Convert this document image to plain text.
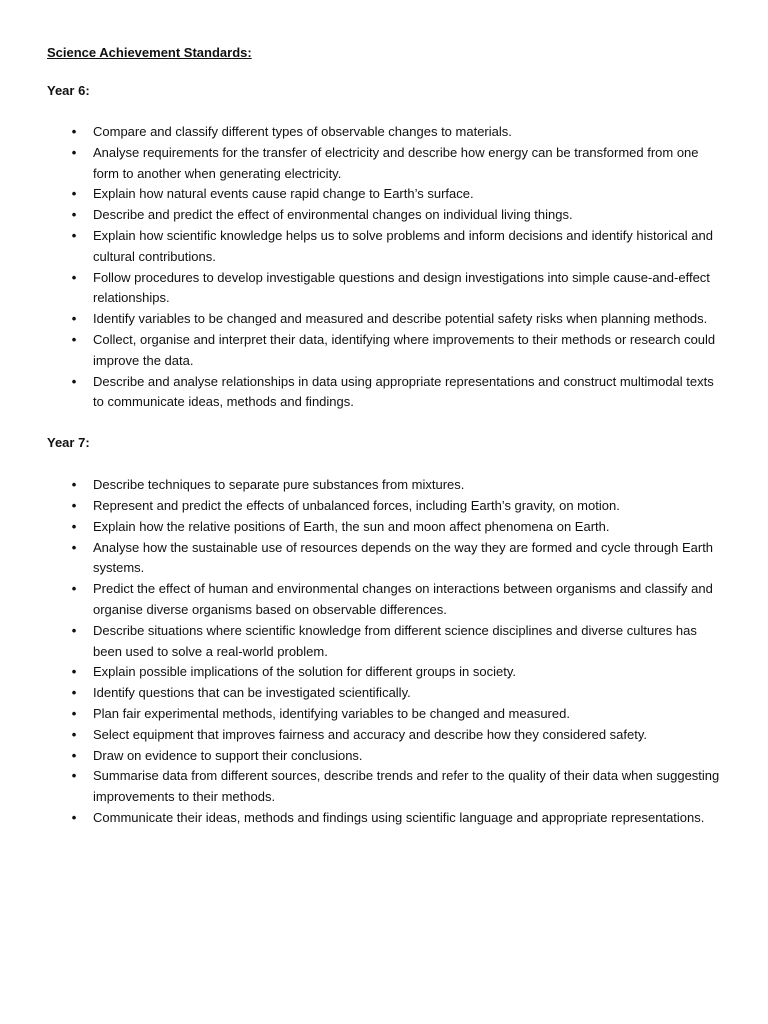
Science Achievement Standards:

Year 6:

• Compare and classify different types of observable changes to materials.
• Analyse requirements for the transfer of electricity and describe how energy can be transformed from one form to another when generating electricity.
• Explain how natural events cause rapid change to Earth’s surface.
• Describe and predict the effect of environmental changes on individual living things.
• Explain how scientific knowledge helps us to solve problems and inform decisions and identify historical and cultural contributions.
• Follow procedures to develop investigable questions and design investigations into simple cause-and-effect relationships.
• Identify variables to be changed and measured and describe potential safety risks when planning methods.
• Collect, organise and interpret their data, identifying where improvements to their methods or research could improve the data.
• Describe and analyse relationships in data using appropriate representations and construct multimodal texts to communicate ideas, methods and findings.

Year 7:

• Describe techniques to separate pure substances from mixtures.
• Represent and predict the effects of unbalanced forces, including Earth’s gravity, on motion.
• Explain how the relative positions of Earth, the sun and moon affect phenomena on Earth.
• Analyse how the sustainable use of resources depends on the way they are formed and cycle through Earth systems.
• Predict the effect of human and environmental changes on interactions between organisms and classify and organise diverse organisms based on observable differences.
• Describe situations where scientific knowledge from different science disciplines and diverse cultures has been used to solve a real-world problem.
• Explain possible implications of the solution for different groups in society.
• Identify questions that can be investigated scientifically.
• Plan fair experimental methods, identifying variables to be changed and measured.
• Select equipment that improves fairness and accuracy and describe how they considered safety.
• Draw on evidence to support their conclusions.
• Summarise data from different sources, describe trends and refer to the quality of their data when suggesting improvements to their methods.
• Communicate their ideas, methods and findings using scientific language and appropriate representations.
